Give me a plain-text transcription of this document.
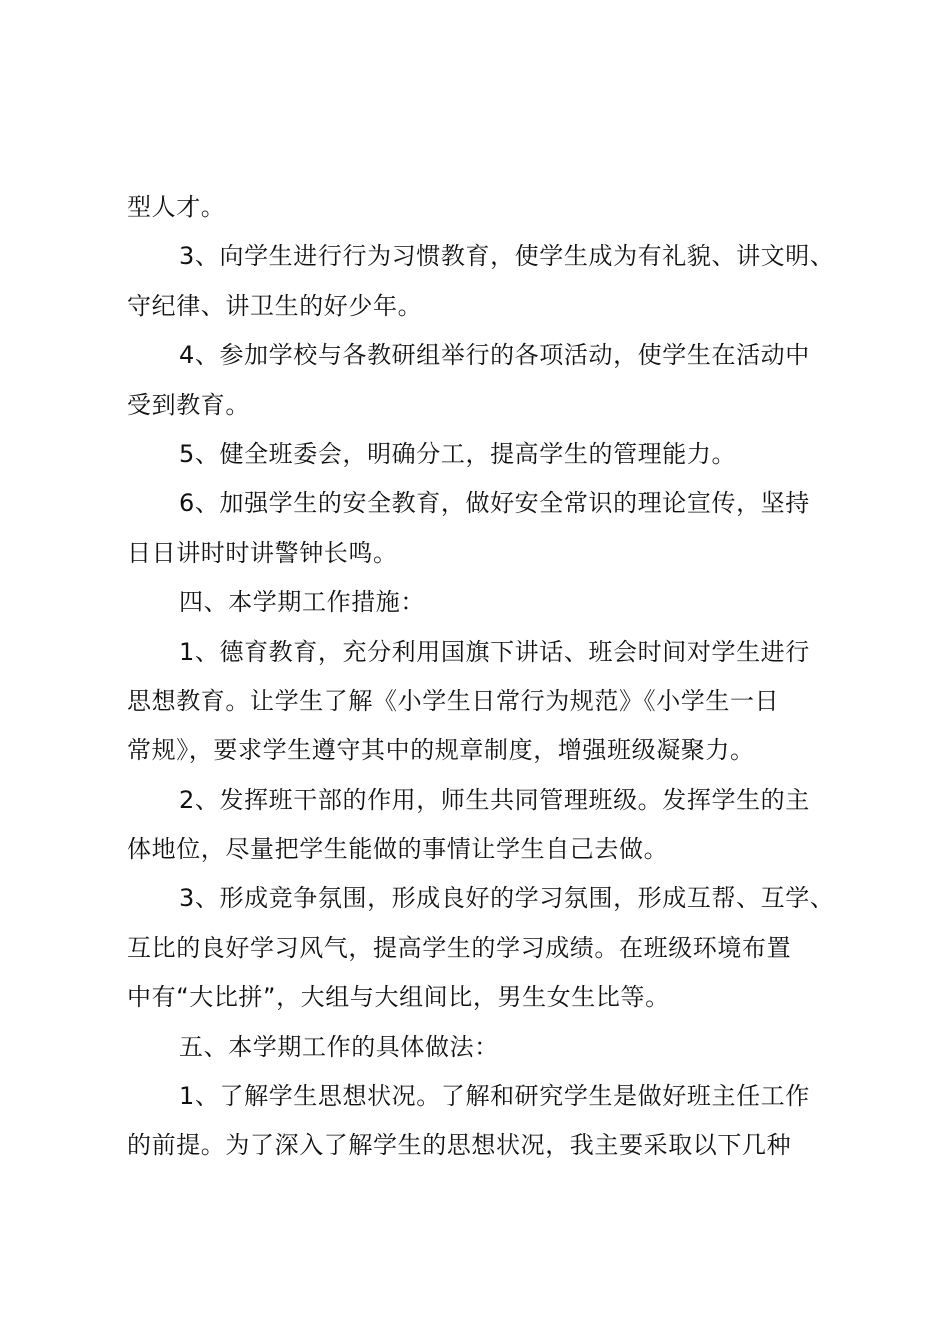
型人才。
3、向学生进行行为习惯教育，使学生成为有礼貌、讲文明、
守纪律、讲卫生的好少年。
4、参加学校与各教研组举行的各项活动，使学生在活动中
受到教育。
5、健全班委会，明确分工，提高学生的管理能力。
6、加强学生的安全教育，做好安全常识的理论宣传，坚持
日日讲时时讲警钟长鸣。
四、本学期工作措施：
1、德育教育，充分利用国旗下讲话、班会时间对学生进行
思想教育。让学生了解《小学生日常行为规范》《小学生一日
常规》，要求学生遵守其中的规章制度，增强班级凝聚力。
2、发挥班干部的作用，师生共同管理班级。发挥学生的主
体地位，尽量把学生能做的事情让学生自己去做。
3、形成竞争氛围，形成良好的学习氛围，形成互帮、互学、
互比的良好学习风气，提高学生的学习成绩。在班级环境布置
中有“大比拼”，大组与大组间比，男生女生比等。
五、本学期工作的具体做法：
1、了解学生思想状况。了解和研究学生是做好班主任工作
的前提。为了深入了解学生的思想状况，我主要采取以下几种
